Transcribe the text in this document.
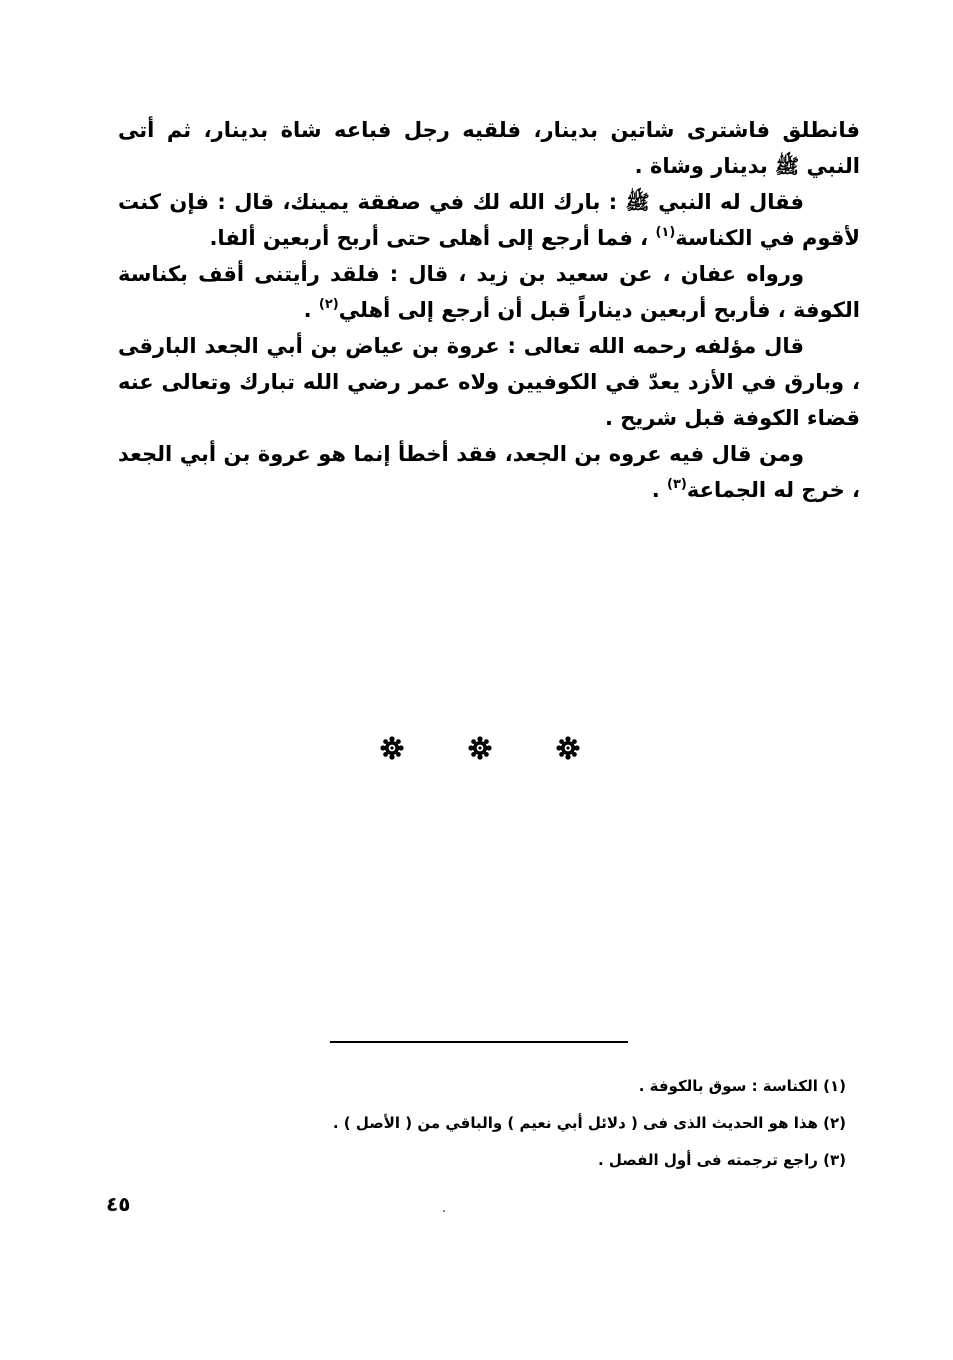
فانطلق فاشترى شاتين بدينار، فلقيه رجل فباعه شاة بدينار، ثم أتى النبي ﷺ بدينار وشاة .

فقال له النبي ﷺ : بارك الله لك في صفقة يمينك، قال : فإن كنت لأقوم في الكناسة$^{(١)}$ ، فما أرجع إلى أهلى حتى أربح أربعين ألفا.

ورواه عفان ، عن سعيد بن زيد ، قال : فلقد رأيتنى أقف بكناسة الكوفة ، فأربح أربعين ديناراً قبل أن أرجع إلى أهلي$^{(٢)}$ .

قال مؤلفه رحمه الله تعالى : عروة بن عياض بن أبي الجعد البارقى ، وبارق في الأزد يعدّ في الكوفيين ولاه عمر رضي الله تبارك وتعالى عنه قضاء الكوفة قبل شريح .

ومن قال فيه عروه بن الجعد، فقد أخطأ إنما هو عروة بن أبي الجعد ، خرج له الجماعة$^{(٣)}$ .

(١) الكناسة : سوق بالكوفة .

(٢) هذا هو الحديث الذى فى ( دلائل أبي نعيم ) والباقي من ( الأصل ) .

(٣) راجع ترجمته فى أول الفصل .

٤٥
